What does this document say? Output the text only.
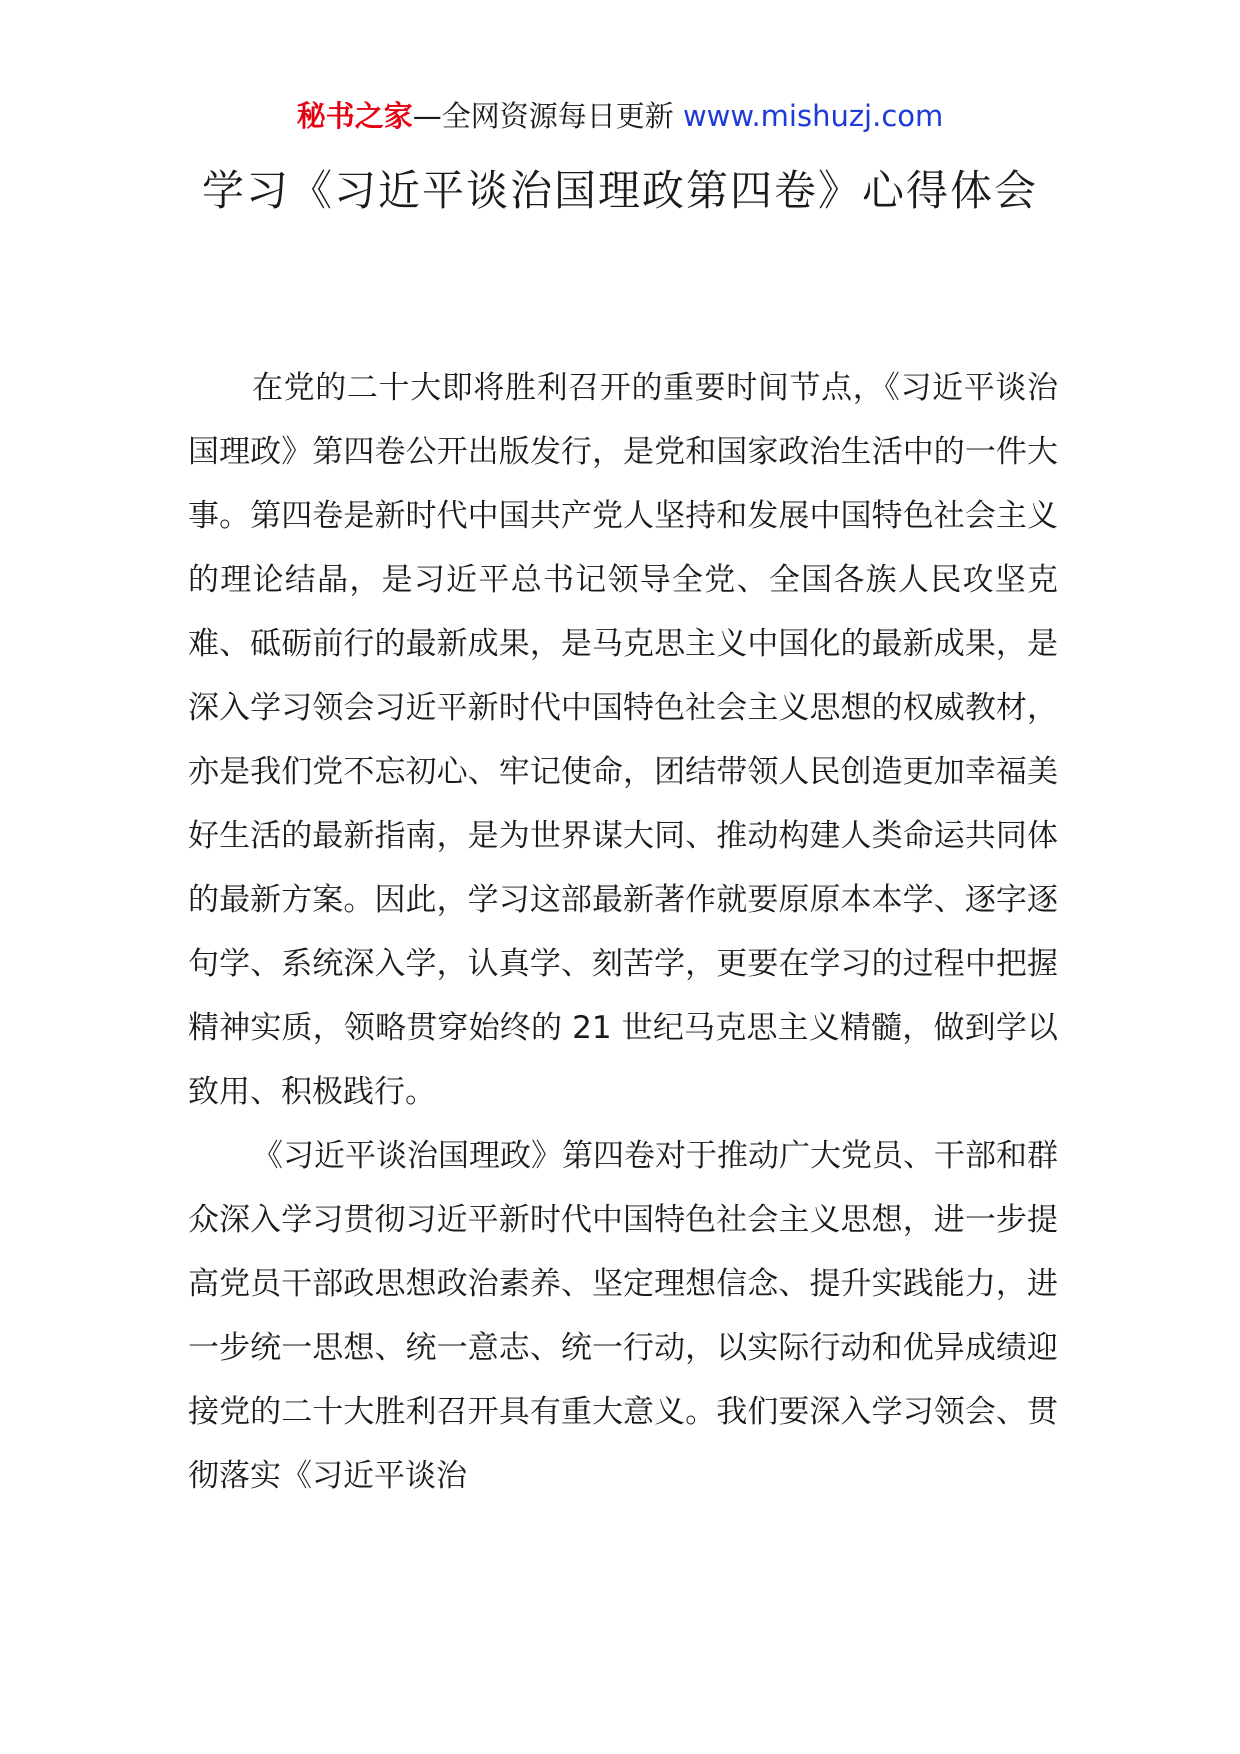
秘书之家—全网资源每日更新 www.mishuzj.com
学习《习近平谈治国理政第四卷》心得体会

在党的二十大即将胜利召开的重要时间节点，《习近平谈治国理政》第四卷公开出版发行，是党和国家政治生活中的一件大事。第四卷是新时代中国共产党人坚持和发展中国特色社会主义的理论结晶，是习近平总书记领导全党、全国各族人民攻坚克难、砥砺前行的最新成果，是马克思主义中国化的最新成果，是深入学习领会习近平新时代中国特色社会主义思想的权威教材，亦是我们党不忘初心、牢记使命，团结带领人民创造更加幸福美好生活的最新指南，是为世界谋大同、推动构建人类命运共同体的最新方案。因此，学习这部最新著作就要原原本本学、逐字逐句学、系统深入学，认真学、刻苦学，更要在学习的过程中把握精神实质，领略贯穿始终的 21 世纪马克思主义精髓，做到学以致用、积极践行。

《习近平谈治国理政》第四卷对于推动广大党员、干部和群众深入学习贯彻习近平新时代中国特色社会主义思想，进一步提高党员干部政思想政治素养、坚定理想信念、提升实践能力，进一步统一思想、统一意志、统一行动，以实际行动和优异成绩迎接党的二十大胜利召开具有重大意义。我们要深入学习领会、贯彻落实《习近平谈治
